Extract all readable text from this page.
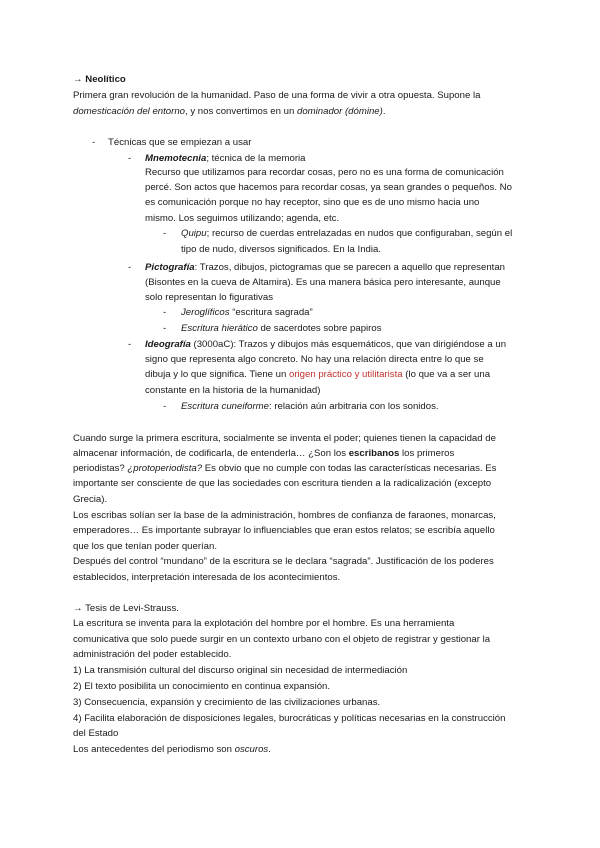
→ Neolítico
Primera gran revolución de la humanidad. Paso de una forma de vivir a otra opuesta. Supone la
domesticación del entorno, y nos convertimos en un dominador (dómine).
- Técnicas que se empiezan a usar
- Mnemotecnia; técnica de la memoria
Recurso que utilizamos para recordar cosas, pero no es una forma de comunicación
percé. Son actos que hacemos para recordar cosas, ya sean grandes o pequeños. No
es comunicación porque no hay receptor, sino que es de uno mismo hacia uno
mismo. Los seguimos utilizando; agenda, etc.
- Quipu; recurso de cuerdas entrelazadas en nudos que configuraban, según el
tipo de nudo, diversos significados. En la India.
- Pictografía: Trazos, dibujos, pictogramas que se parecen a aquello que representan
(Bisontes en la cueva de Altamira). Es una manera básica pero interesante, aunque
solo representan lo figurativas
- Jeroglíficos “escritura sagrada”
- Escritura hierático de sacerdotes sobre papiros
- Ideografía (3000aC): Trazos y dibujos más esquemáticos, que van dirigiéndose a un
signo que representa algo concreto. No hay una relación directa entre lo que se
dibuja y lo que significa. Tiene un origen práctico y utilitarista (lo que va a ser una
constante en la historia de la humanidad)
- Escritura cuneiforme: relación aún arbitraria con los sonidos.
Cuando surge la primera escritura, socialmente se inventa el poder; quienes tienen la capacidad de
almacenar información, de codificarla, de entenderla… ¿Son los escribanos los primeros
periodistas? ¿protoperiodista? Es obvio que no cumple con todas las características necesarias. Es
importante ser consciente de que las sociedades con escritura tienden a la radicalización (excepto
Grecia).
Los escribas solían ser la base de la administración, hombres de confianza de faraones, monarcas,
emperadores… Es importante subrayar lo influenciables que eran estos relatos; se escribía aquello
que los que tenían poder querían.
Después del control “mundano” de la escritura se le declara “sagrada”. Justificación de los poderes
establecidos, interpretación interesada de los acontecimientos.
→ Tesis de Levi-Strauss.
La escritura se inventa para la explotación del hombre por el hombre. Es una herramienta
comunicativa que solo puede surgir en un contexto urbano con el objeto de registrar y gestionar la
administración del poder establecido.
1) La transmisión cultural del discurso original sin necesidad de intermediación
2) El texto posibilita un conocimiento en continua expansión.
3) Consecuencia, expansión y crecimiento de las civilizaciones urbanas.
4) Facilita elaboración de disposiciones legales, burocráticas y políticas necesarias en la construcción
del Estado
Los antecedentes del periodismo son oscuros.
